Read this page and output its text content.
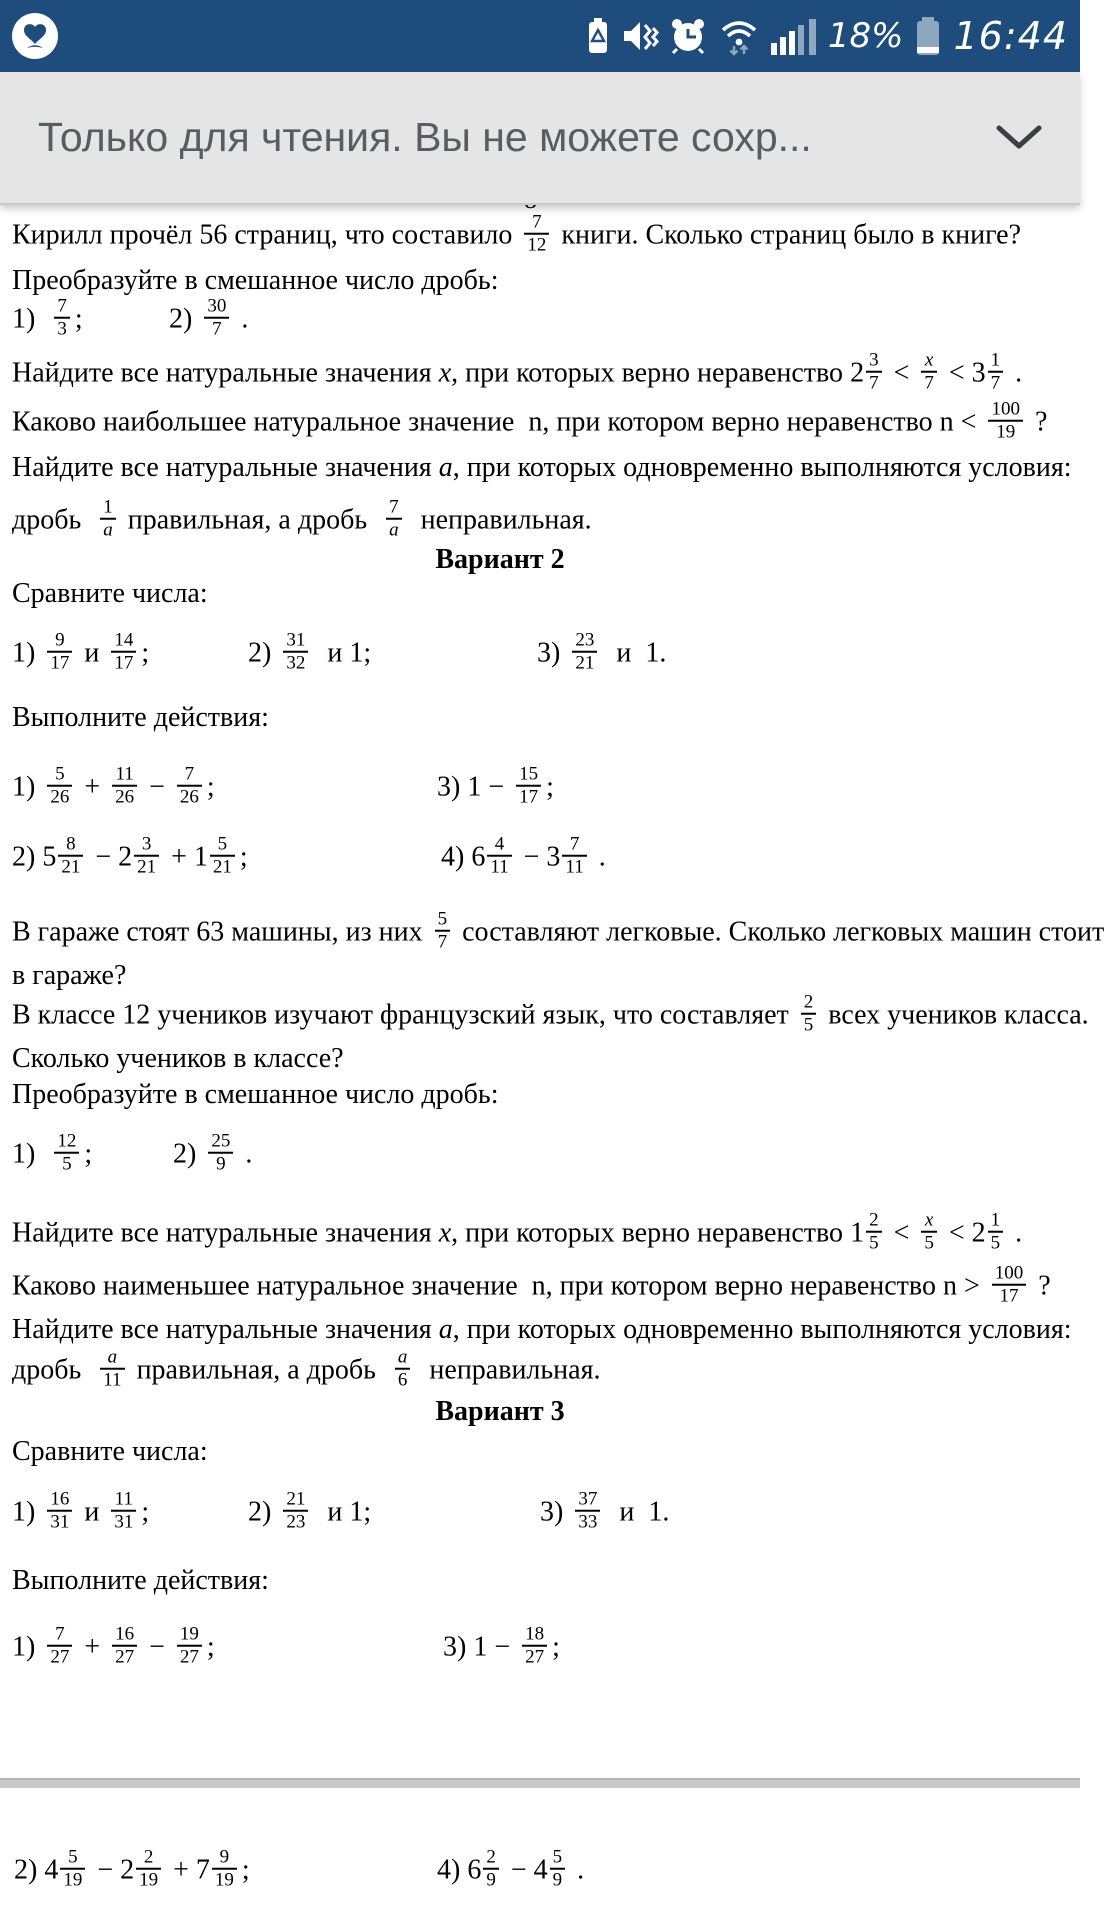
18% 16:44
Только для чтения. Вы не можете сохр...
Кирилл прочёл 56 страниц, что составило $\frac{7}{12}$ книги. Сколько страниц было в книге?
Преобразуйте в смешанное число дробь:
$1) \frac{7}{3}$ ;	$2) \frac{30}{7}$ .
Найдите все натуральные значения x, при которых верно неравенство $2 \frac{3}{7} < \frac{x}{7} < 3 \frac{1}{7}$ .
Каково наибольшее натуральное значение  n, при котором верно неравенство $n < \frac{100}{19}$ ?
Найдите все натуральные значения a, при которых одновременно выполняются условия:
дробь $\frac{1}{a}$ правильная, а дробь $\frac{7}{a}$ неправильная.
Вариант 2
Сравните числа:
$1) \frac{9}{17}$ и $\frac{14}{17}$ ;	$2) \frac{31}{32}$ и 1;	$3) \frac{23}{21}$ и  1.
Выполните действия:
$1) \frac{5}{26} + \frac{11}{26} - \frac{7}{26}$ ;	3) $1 - \frac{15}{17}$ ;
2) $5 \frac{8}{21} - 2 \frac{3}{21} + 1 \frac{5}{21}$ ;	4) $6 \frac{4}{11} - 3 \frac{7}{11}$ .
В гараже стоят 63 машины, из них $\frac{5}{7}$ составляют легковые. Сколько легковых машин стоит
в гараже?
В классе 12 учеников изучают французский язык, что составляет $\frac{2}{5}$ всех учеников класса.
Сколько учеников в классе?
Преобразуйте в смешанное число дробь:
$1) \frac{12}{5}$ ;	$2) \frac{25}{9}$ .
Найдите все натуральные значения x, при которых верно неравенство $1 \frac{2}{5} < \frac{x}{5} < 2 \frac{1}{5}$ .
Каково наименьшее натуральное значение  n, при котором верно неравенство $n > \frac{100}{17}$ ?
Найдите все натуральные значения a, при которых одновременно выполняются условия:
дробь $\frac{a}{11}$ правильная, а дробь $\frac{a}{6}$ неправильная.
Вариант 3
Сравните числа:
$1) \frac{16}{31}$ и $\frac{11}{31}$ ;	$2) \frac{21}{23}$ и 1;	$3) \frac{37}{33}$ и  1.
Выполните действия:
$1) \frac{7}{27} + \frac{16}{27} - \frac{19}{27}$ ;	3) $1 - \frac{18}{27}$ ;
2) $4 \frac{5}{19} - 2 \frac{2}{19} + 7 \frac{9}{19}$ ;	4) $6 \frac{2}{9} - 4 \frac{5}{9}$ .
